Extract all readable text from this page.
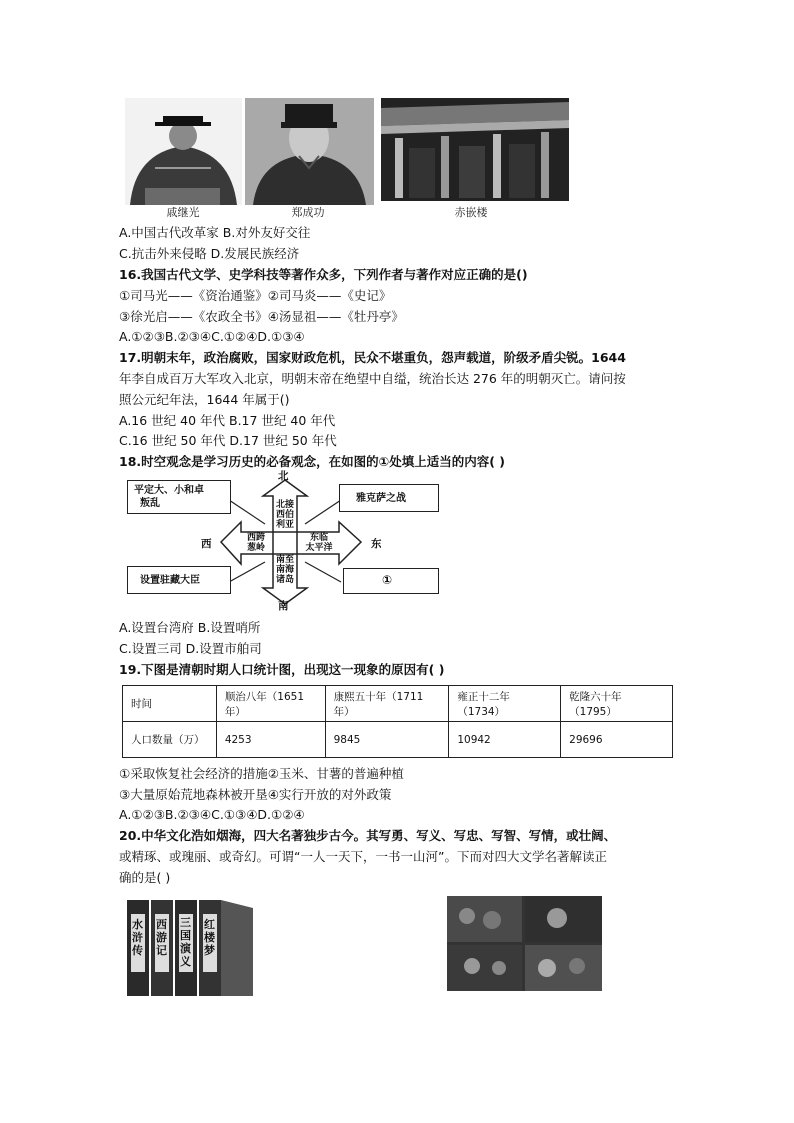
戚继光	郑成功	赤嵌楼
A.中国古代改革家 B.对外友好交往
C.抗击外来侵略 D.发展民族经济
16.我国古代文学、史学科技等著作众多，下列作者与著作对应正确的是()
①司马光——《资治通鉴》②司马炎——《史记》
③徐光启——《农政全书》④汤显祖——《牡丹亭》
A.①②③B.②③④C.①②④D.①③④
17.明朝末年，政治腐败，国家财政危机，民众不堪重负，怨声载道，阶级矛盾尖锐。1644
年李自成百万大军攻入北京，明朝末帝在绝望中自缢，统治长达 276 年的明朝灭亡。请问按
照公元纪年法，1644 年属于()
A.16 世纪 40 年代 B.17 世纪 40 年代
C.16 世纪 50 年代 D.17 世纪 50 年代
18.时空观念是学习历史的必备观念，在如图的①处填上适当的内容( )
北
南
西	东
北接
西伯
利亚
西跨
葱岭
东临
太平洋
南至
南海
诸岛
平定大、小和卓
叛乱	雅克萨之战
设置驻藏大臣	①
A.设置台湾府 B.设置哨所
C.设置三司 D.设置市舶司
19.下图是清朝时期人口统计图，出现这一现象的原因有( )
时间	顺治八年（1651 年）	康熙五十年（1711 年）	雍正十二年（1734）	乾隆六十年（1795）
人口数量（万）	4253	9845	10942	29696
①采取恢复社会经济的措施②玉米、甘薯的普遍种植
③大量原始荒地森林被开垦④实行开放的对外政策
A.①②③B.②③④C.①③④D.①②④
20.中华文化浩如烟海，四大名著独步古今。其写勇、写义、写忠、写智、写情，或壮阔、
或精琢、或瑰丽、或奇幻。可谓“一人一天下，一书一山河”。下而对四大文学名著解读正
确的是( )
水浒传
西游记
三国演义
红楼梦
